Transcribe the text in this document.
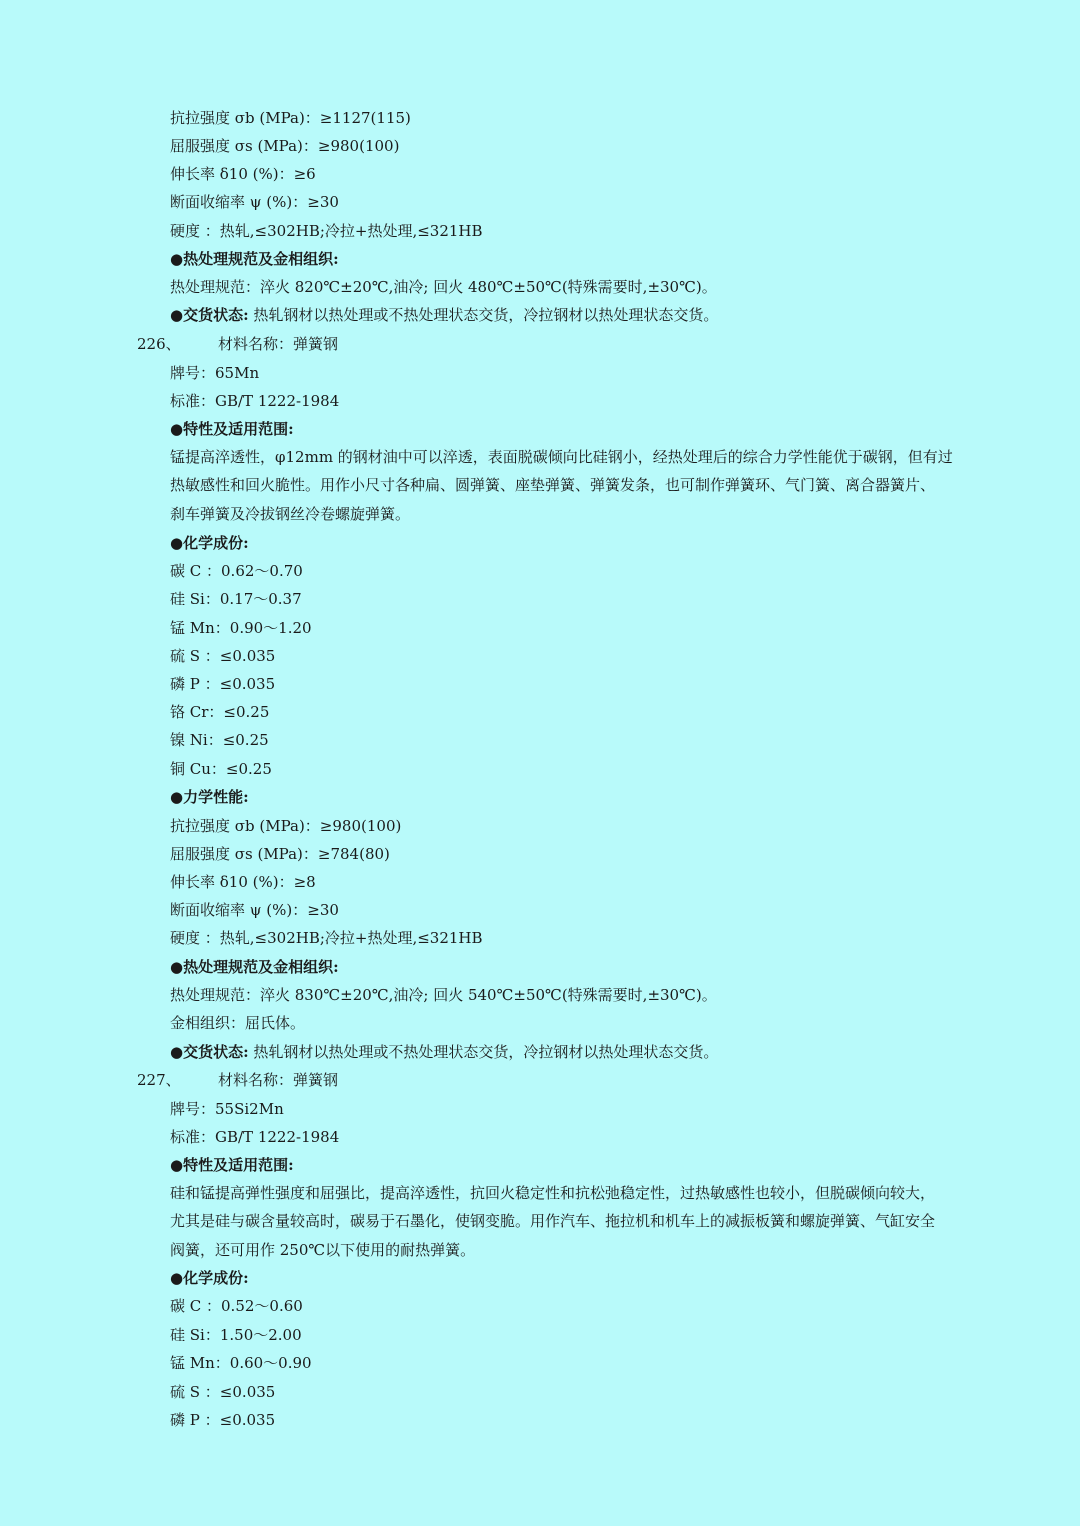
抗拉强度 σb (MPa)：≥1127(115)
屈服强度 σs (MPa)：≥980(100)
伸长率 δ10 (%)：≥6
断面收缩率 ψ (%)：≥30
硬度 ：热轧,≤302HB;冷拉+热处理,≤321HB
●热处理规范及金相组织:
热处理规范：淬火 820℃±20℃,油冷; 回火 480℃±50℃(特殊需要时,±30℃)。
●交货状态: 热轧钢材以热处理或不热处理状态交货，冷拉钢材以热处理状态交货。
226、 材料名称：弹簧钢
牌号：65Mn
标准：GB/T 1222-1984
●特性及适用范围:
锰提高淬透性，φ12mm 的钢材油中可以淬透，表面脱碳倾向比硅钢小，经热处理后的综合力学性能优于碳钢，但有过
热敏感性和回火脆性。用作小尺寸各种扁、圆弹簧、座垫弹簧、弹簧发条，也可制作弹簧环、气门簧、离合器簧片、
刹车弹簧及冷拔钢丝冷卷螺旋弹簧。
●化学成份:
碳 C ：0.62～0.70
硅 Si：0.17～0.37
锰 Mn：0.90～1.20
硫 S ：≤0.035
磷 P ：≤0.035
铬 Cr：≤0.25
镍 Ni：≤0.25
铜 Cu：≤0.25
●力学性能:
抗拉强度 σb (MPa)：≥980(100)
屈服强度 σs (MPa)：≥784(80)
伸长率 δ10 (%)：≥8
断面收缩率 ψ (%)：≥30
硬度 ：热轧,≤302HB;冷拉+热处理,≤321HB
●热处理规范及金相组织:
热处理规范：淬火 830℃±20℃,油冷; 回火 540℃±50℃(特殊需要时,±30℃)。
金相组织：屈氏体。
●交货状态: 热轧钢材以热处理或不热处理状态交货，冷拉钢材以热处理状态交货。
227、 材料名称：弹簧钢
牌号：55Si2Mn
标准：GB/T 1222-1984
●特性及适用范围:
硅和锰提高弹性强度和屈强比，提高淬透性，抗回火稳定性和抗松弛稳定性，过热敏感性也较小，但脱碳倾向较大，
尤其是硅与碳含量较高时，碳易于石墨化，使钢变脆。用作汽车、拖拉机和机车上的减振板簧和螺旋弹簧、气缸安全
阀簧，还可用作 250℃以下使用的耐热弹簧。
●化学成份:
碳 C ：0.52～0.60
硅 Si：1.50～2.00
锰 Mn：0.60～0.90
硫 S ：≤0.035
磷 P ：≤0.035
